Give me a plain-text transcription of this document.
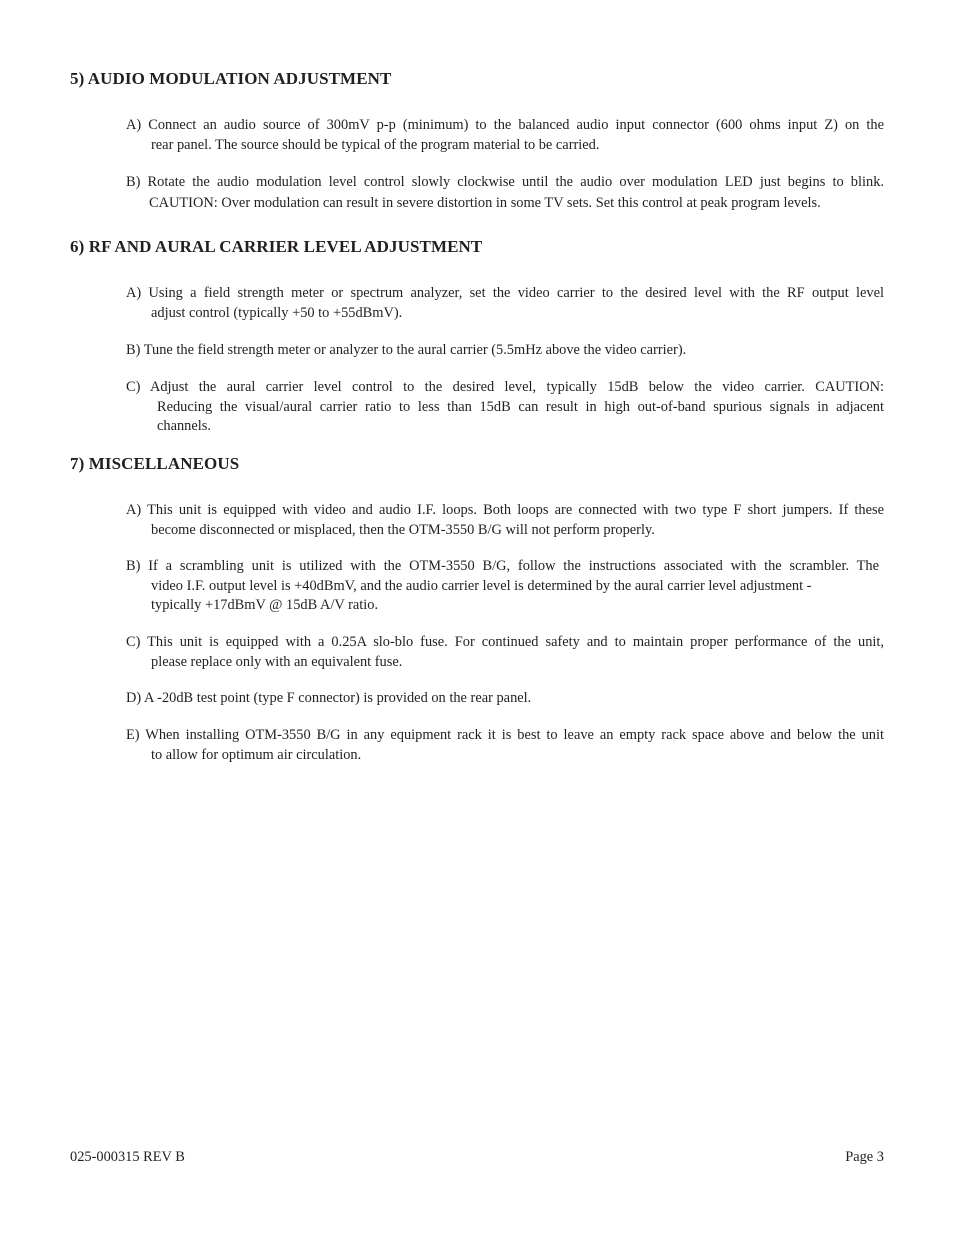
5) AUDIO MODULATION ADJUSTMENT

A) Connect an audio source of 300mV p-p (minimum) to the balanced audio input connector (600 ohms input Z) on the
rear panel. The source should be typical of the program material to be carried.

B) Rotate the audio modulation level control slowly clockwise until the audio over modulation LED just begins to blink.
CAUTION: Over modulation can result in severe distortion in some TV sets. Set this control at peak program levels.

6) RF AND AURAL CARRIER LEVEL ADJUSTMENT

A) Using a field strength meter or spectrum analyzer, set the video carrier to the desired level with the RF output level
adjust control (typically +50 to +55dBmV).

B) Tune the field strength meter or analyzer to the aural carrier (5.5mHz above the video carrier).

C) Adjust the aural carrier level control to the desired level, typically 15dB below the video carrier. CAUTION:
Reducing the visual/aural carrier ratio to less than 15dB can result in high out-of-band spurious signals in adjacent
channels.

7) MISCELLANEOUS

A) This unit is equipped with video and audio I.F. loops. Both loops are connected with two type F short jumpers. If these
become disconnected or misplaced, then the OTM-3550 B/G will not perform properly.

B) If a scrambling unit is utilized with the OTM-3550 B/G, follow the instructions associated with the scrambler. The
video I.F. output level is +40dBmV, and the audio carrier level is determined by the aural carrier level adjustment -
typically +17dBmV @ 15dB A/V ratio.

C) This unit is equipped with a 0.25A slo-blo fuse. For continued safety and to maintain proper performance of the unit,
please replace only with an equivalent fuse.

D) A -20dB test point (type F connector) is provided on the rear panel.

E) When installing OTM-3550 B/G in any equipment rack it is best to leave an empty rack space above and below the unit
to allow for optimum air circulation.

025-000315 REV B	Page 3
